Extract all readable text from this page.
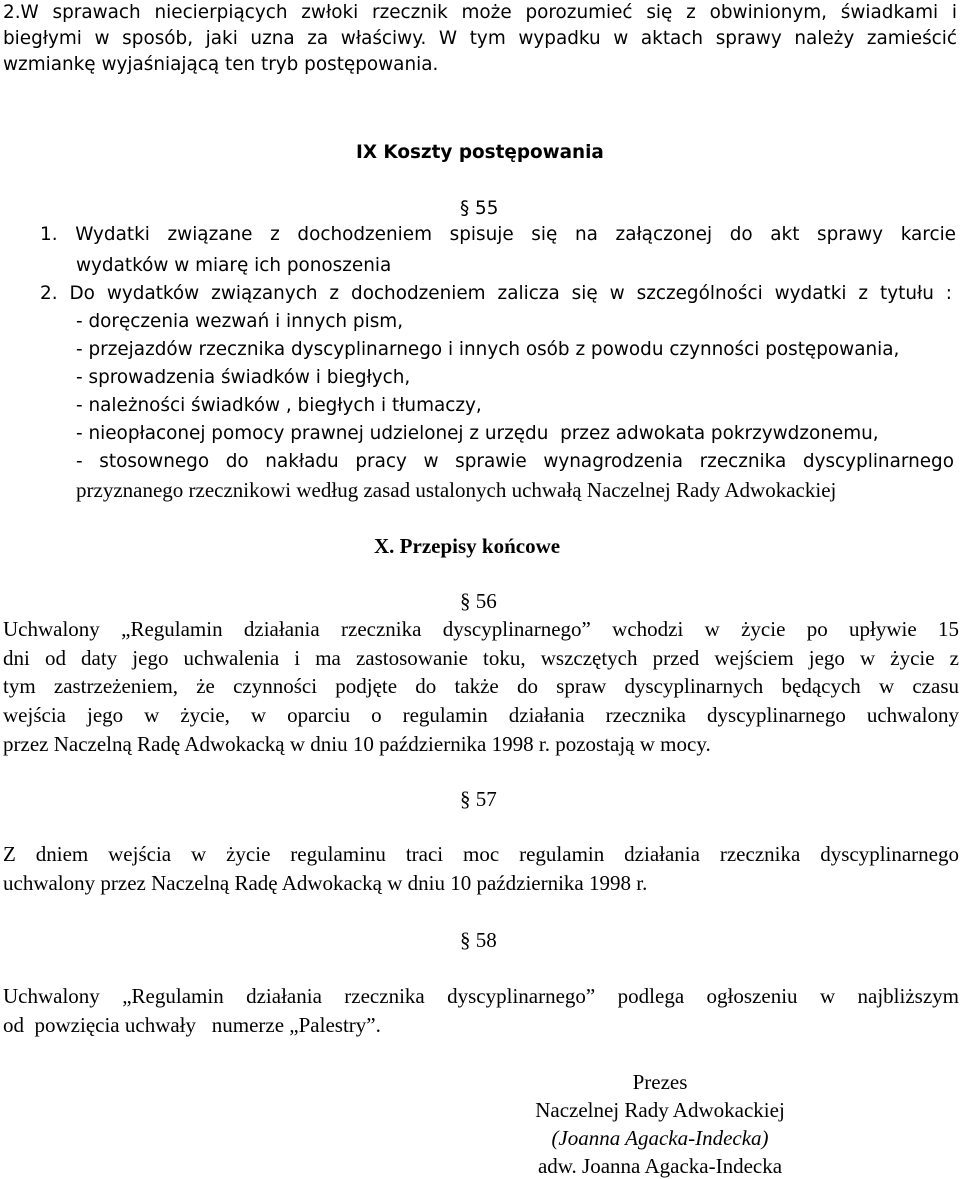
2.W sprawach niecierpiących zwłoki rzecznik może porozumieć się z obwinionym, świadkami i

biegłymi w sposób, jaki uzna za właściwy. W tym wypadku w aktach sprawy należy zamieścić

wzmiankę wyjaśniającą ten tryb postępowania.

IX Koszty postępowania

§ 55

1. Wydatki związane z dochodzeniem spisuje się na załączonej do akt sprawy karcie

wydatków w miarę ich ponoszenia

2. Do wydatków związanych z dochodzeniem zalicza się w szczególności wydatki z tytułu :

- doręczenia wezwań i innych pism,

- przejazdów rzecznika dyscyplinarnego i innych osób z powodu czynności postępowania,

- sprowadzenia świadków i biegłych,

- należności świadków , biegłych i tłumaczy,

- nieopłaconej pomocy prawnej udzielonej z urzędu  przez adwokata pokrzywdzonemu,

- stosownego do nakładu pracy w sprawie wynagrodzenia rzecznika dyscyplinarnego

przyznanego rzecznikowi według zasad ustalonych uchwałą Naczelnej Rady Adwokackiej

X. Przepisy końcowe

§ 56

Uchwalony „Regulamin działania rzecznika dyscyplinarnego” wchodzi w życie po upływie 15

dni od daty jego uchwalenia i ma zastosowanie toku, wszczętych przed wejściem jego w życie z

tym zastrzeżeniem, że czynności podjęte do także do spraw dyscyplinarnych będących w czasu

wejścia jego w życie, w oparciu o regulamin działania rzecznika dyscyplinarnego uchwalony

przez Naczelną Radę Adwokacką w dniu 10 października 1998 r. pozostają w mocy.

§ 57

Z dniem wejścia w życie regulaminu traci moc regulamin działania rzecznika dyscyplinarnego

uchwalony przez Naczelną Radę Adwokacką w dniu 10 października 1998 r.

§ 58

Uchwalony „Regulamin działania rzecznika dyscyplinarnego” podlega ogłoszeniu w najbliższym

od  powzięcia uchwały   numerze „Palestry”.

Prezes

Naczelnej Rady Adwokackiej

(Joanna Agacka-Indecka)

adw. Joanna Agacka-Indecka
